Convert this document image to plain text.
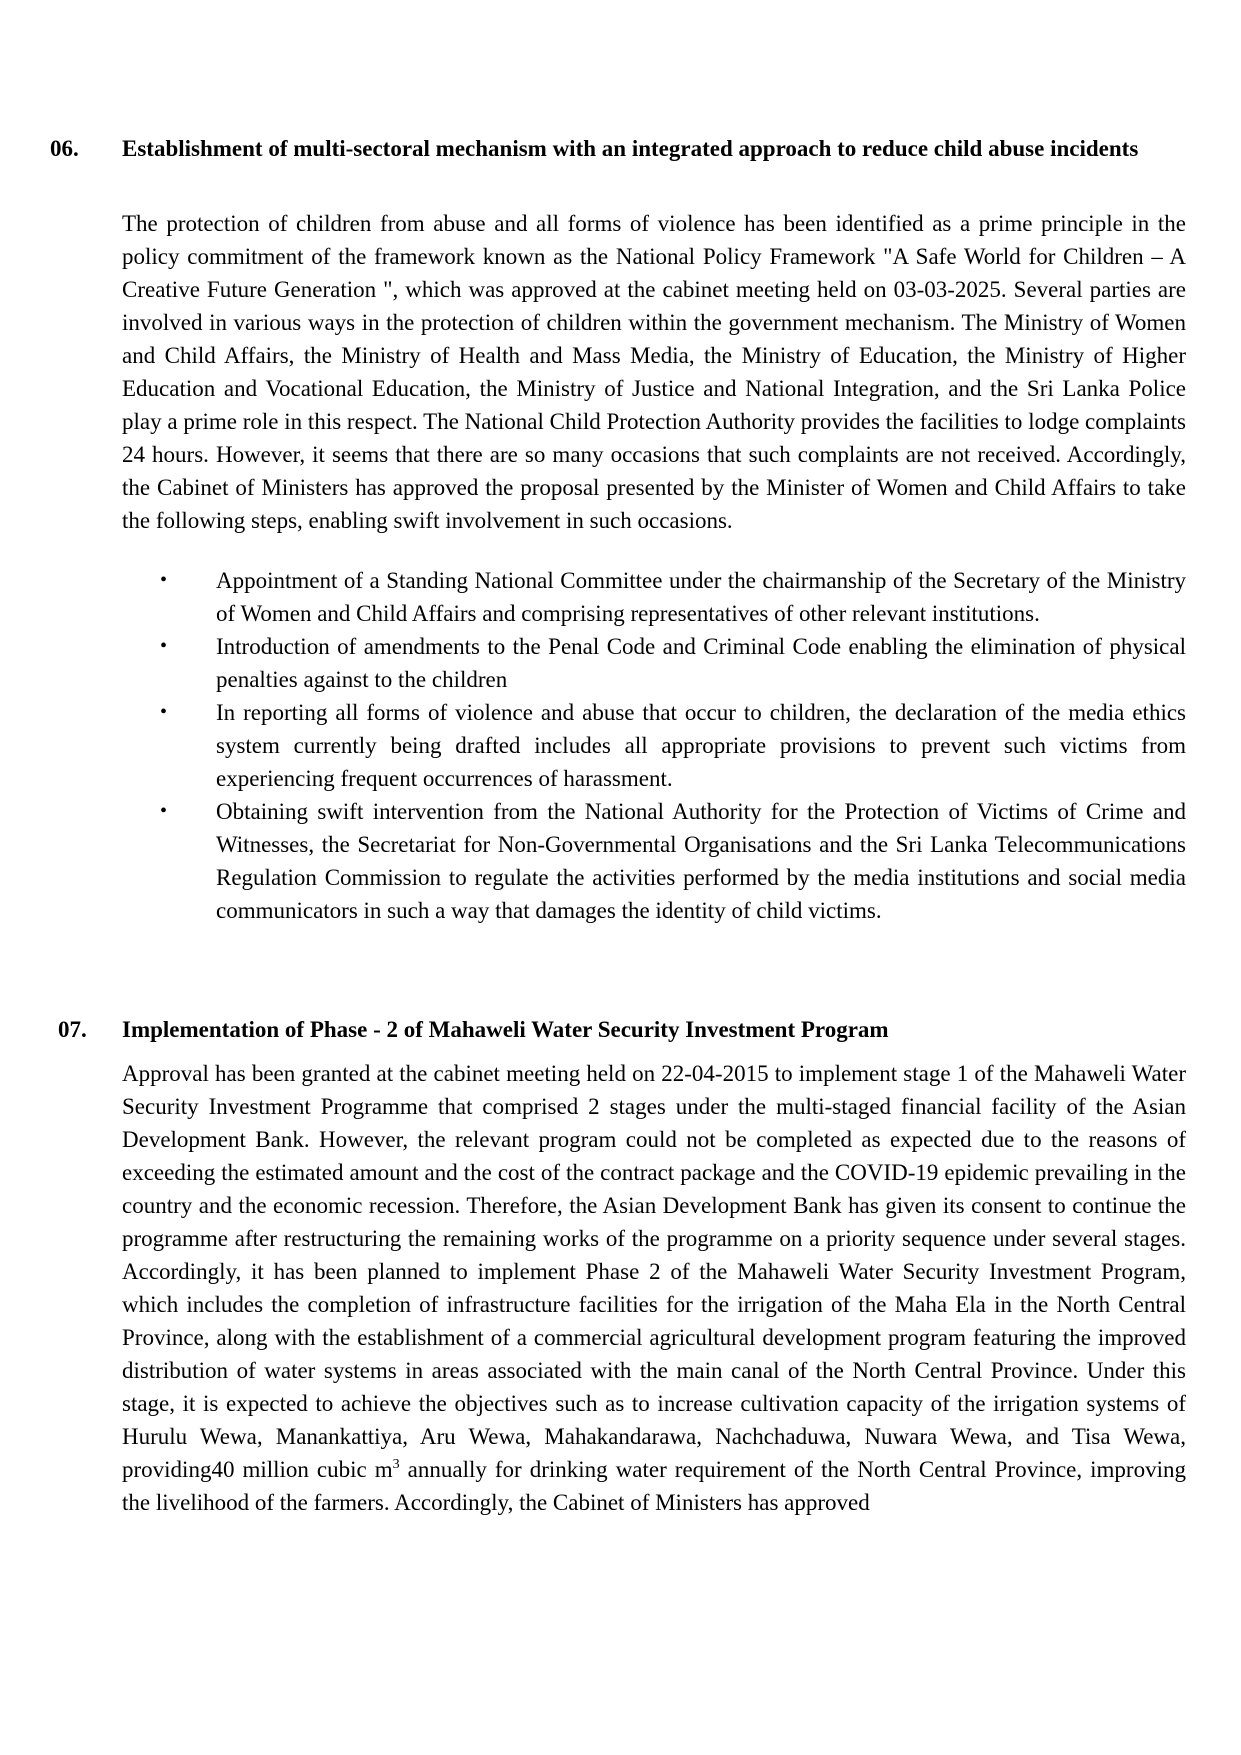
06.	Establishment of multi-sectoral mechanism with an integrated approach to reduce child abuse incidents

The protection of children from abuse and all forms of violence has been identified as a prime principle in the policy commitment of the framework known as the National Policy Framework "A Safe World for Children – A Creative Future Generation ", which was approved at the cabinet meeting held on 03-03-2025. Several parties are involved in various ways in the protection of children within the government mechanism. The Ministry of Women and Child Affairs, the Ministry of Health and Mass Media, the Ministry of Education, the Ministry of Higher Education and Vocational Education, the Ministry of Justice and National Integration, and the Sri Lanka Police play a prime role in this respect. The National Child Protection Authority provides the facilities to lodge complaints 24 hours. However, it seems that there are so many occasions that such complaints are not received. Accordingly, the Cabinet of Ministers has approved the proposal presented by the Minister of Women and Child Affairs to take the following steps, enabling swift involvement in such occasions.

• Appointment of a Standing National Committee under the chairmanship of the Secretary of the Ministry of Women and Child Affairs and comprising representatives of other relevant institutions.
• Introduction of amendments to the Penal Code and Criminal Code enabling the elimination of physical penalties against to the children
• In reporting all forms of violence and abuse that occur to children, the declaration of the media ethics system currently being drafted includes all appropriate provisions to prevent such victims from experiencing frequent occurrences of harassment.
• Obtaining swift intervention from the National Authority for the Protection of Victims of Crime and Witnesses, the Secretariat for Non-Governmental Organisations and the Sri Lanka Telecommunications Regulation Commission to regulate the activities performed by the media institutions and social media communicators in such a way that damages the identity of child victims.
07.	Implementation of Phase - 2 of Mahaweli Water Security Investment Program

Approval has been granted at the cabinet meeting held on 22-04-2015 to implement stage 1 of the Mahaweli Water Security Investment Programme that comprised 2 stages under the multi-staged financial facility of the Asian Development Bank. However, the relevant program could not be completed as expected due to the reasons of exceeding the estimated amount and the cost of the contract package and the COVID-19 epidemic prevailing in the country and the economic recession. Therefore, the Asian Development Bank has given its consent to continue the programme after restructuring the remaining works of the programme on a priority sequence under several stages. Accordingly, it has been planned to implement Phase 2 of the Mahaweli Water Security Investment Program, which includes the completion of infrastructure facilities for the irrigation of the Maha Ela in the North Central Province, along with the establishment of a commercial agricultural development program featuring the improved distribution of water systems in areas associated with the main canal of the North Central Province. Under this stage, it is expected to achieve the objectives such as to increase cultivation capacity of the irrigation systems of Hurulu Wewa, Manankattiya, Aru Wewa, Mahakandarawa, Nachchaduwa, Nuwara Wewa, and Tisa Wewa, providing40 million cubic $m^3$ annually for drinking water requirement of the North Central Province, improving the livelihood of the farmers. Accordingly, the Cabinet of Ministers has approved
